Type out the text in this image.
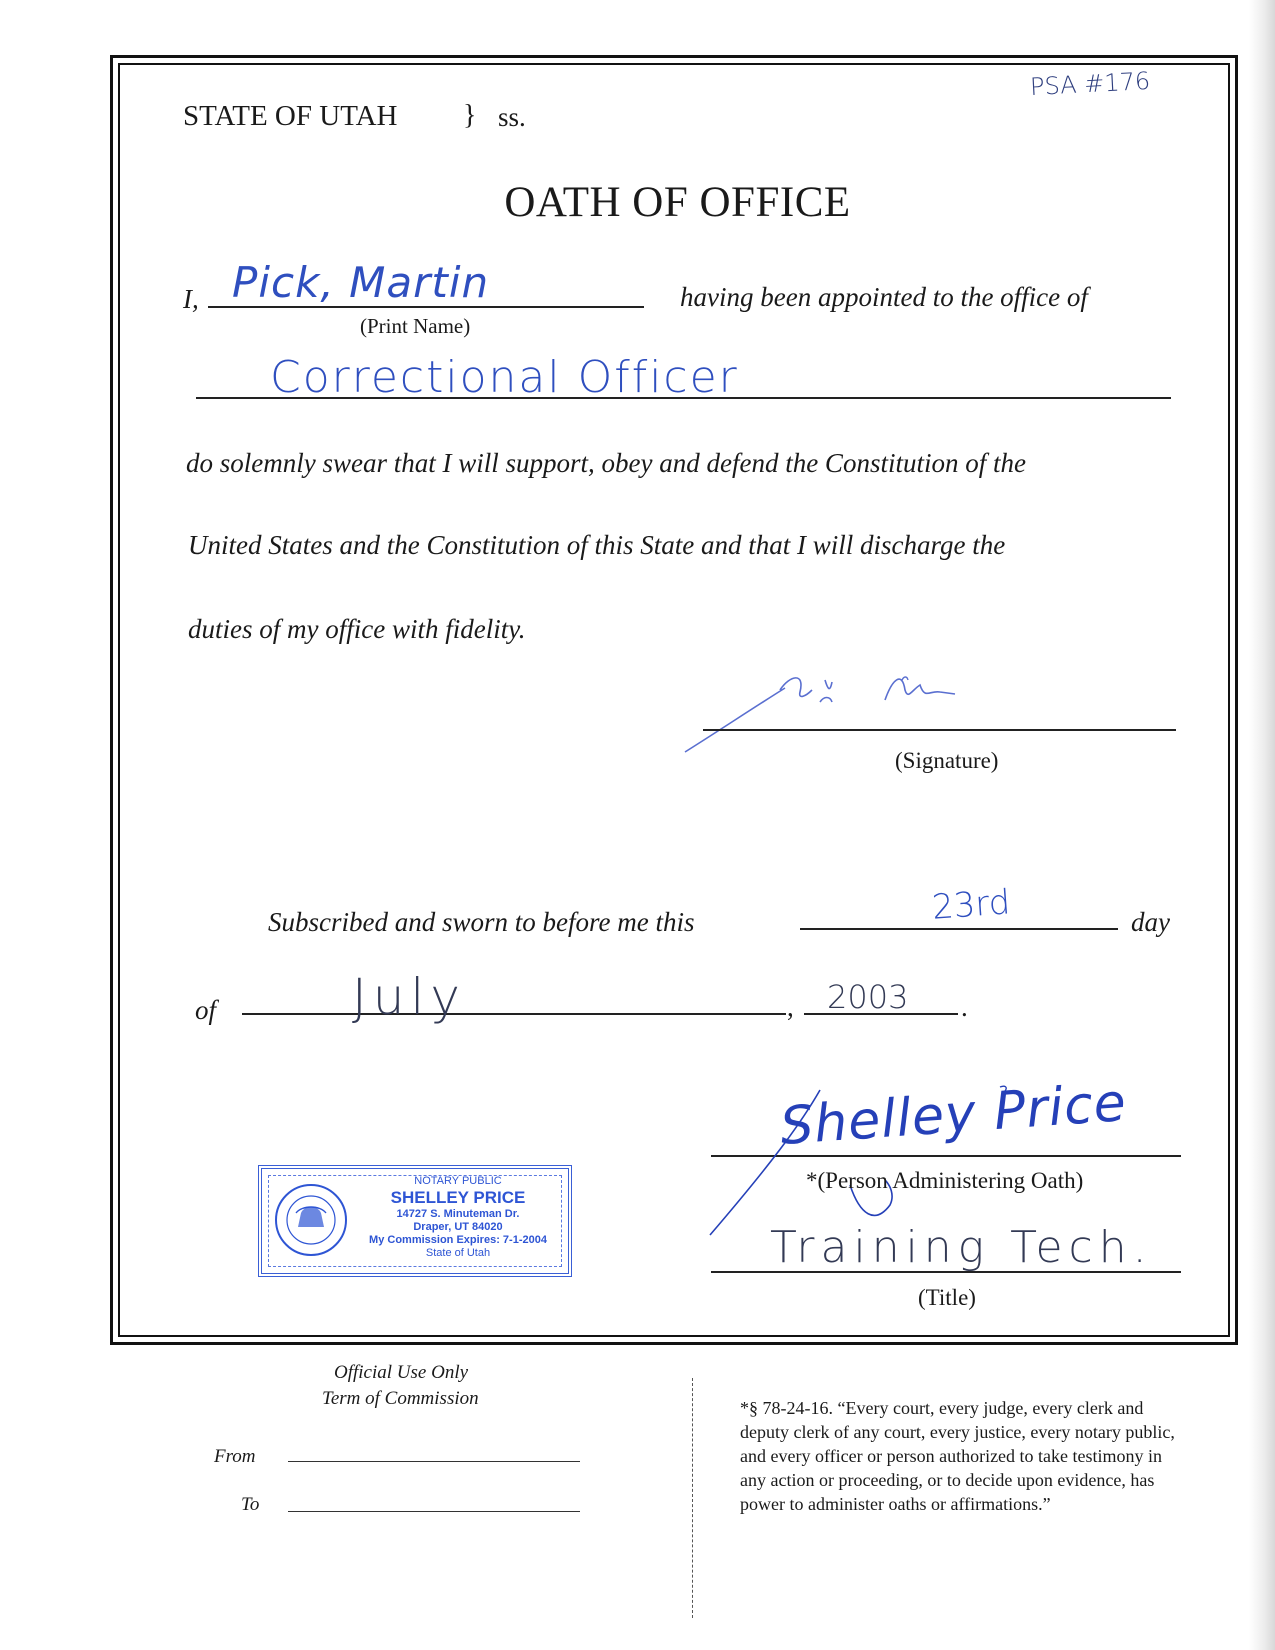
PSA #176
STATE OF UTAH } ss.
OATH OF OFFICE
I, Pick, Martin
(Print Name)
having been appointed to the office of
Correctional Officer
do solemnly swear that I will support, obey and defend the Constitution of the
United States and the Constitution of this State and that I will discharge the
duties of my office with fidelity.
(Signature)
Subscribed and sworn to before me this	23rd	day
of	July	, 2003 .
Shelley Price
*(Person Administering Oath)
Training Tech.
(Title)
NOTARY PUBLIC
SHELLEY PRICE
14727 S. Minuteman Dr.
Draper, UT 84020
My Commission Expires: 7-1-2004
State of Utah
Official Use Only
Term of Commission
From
To
*§ 78-24-16. “Every court, every judge, every clerk and
deputy clerk of any court, every justice, every notary public,
and every officer or person authorized to take testimony in
any action or proceeding, or to decide upon evidence, has
power to administer oaths or affirmations.”
